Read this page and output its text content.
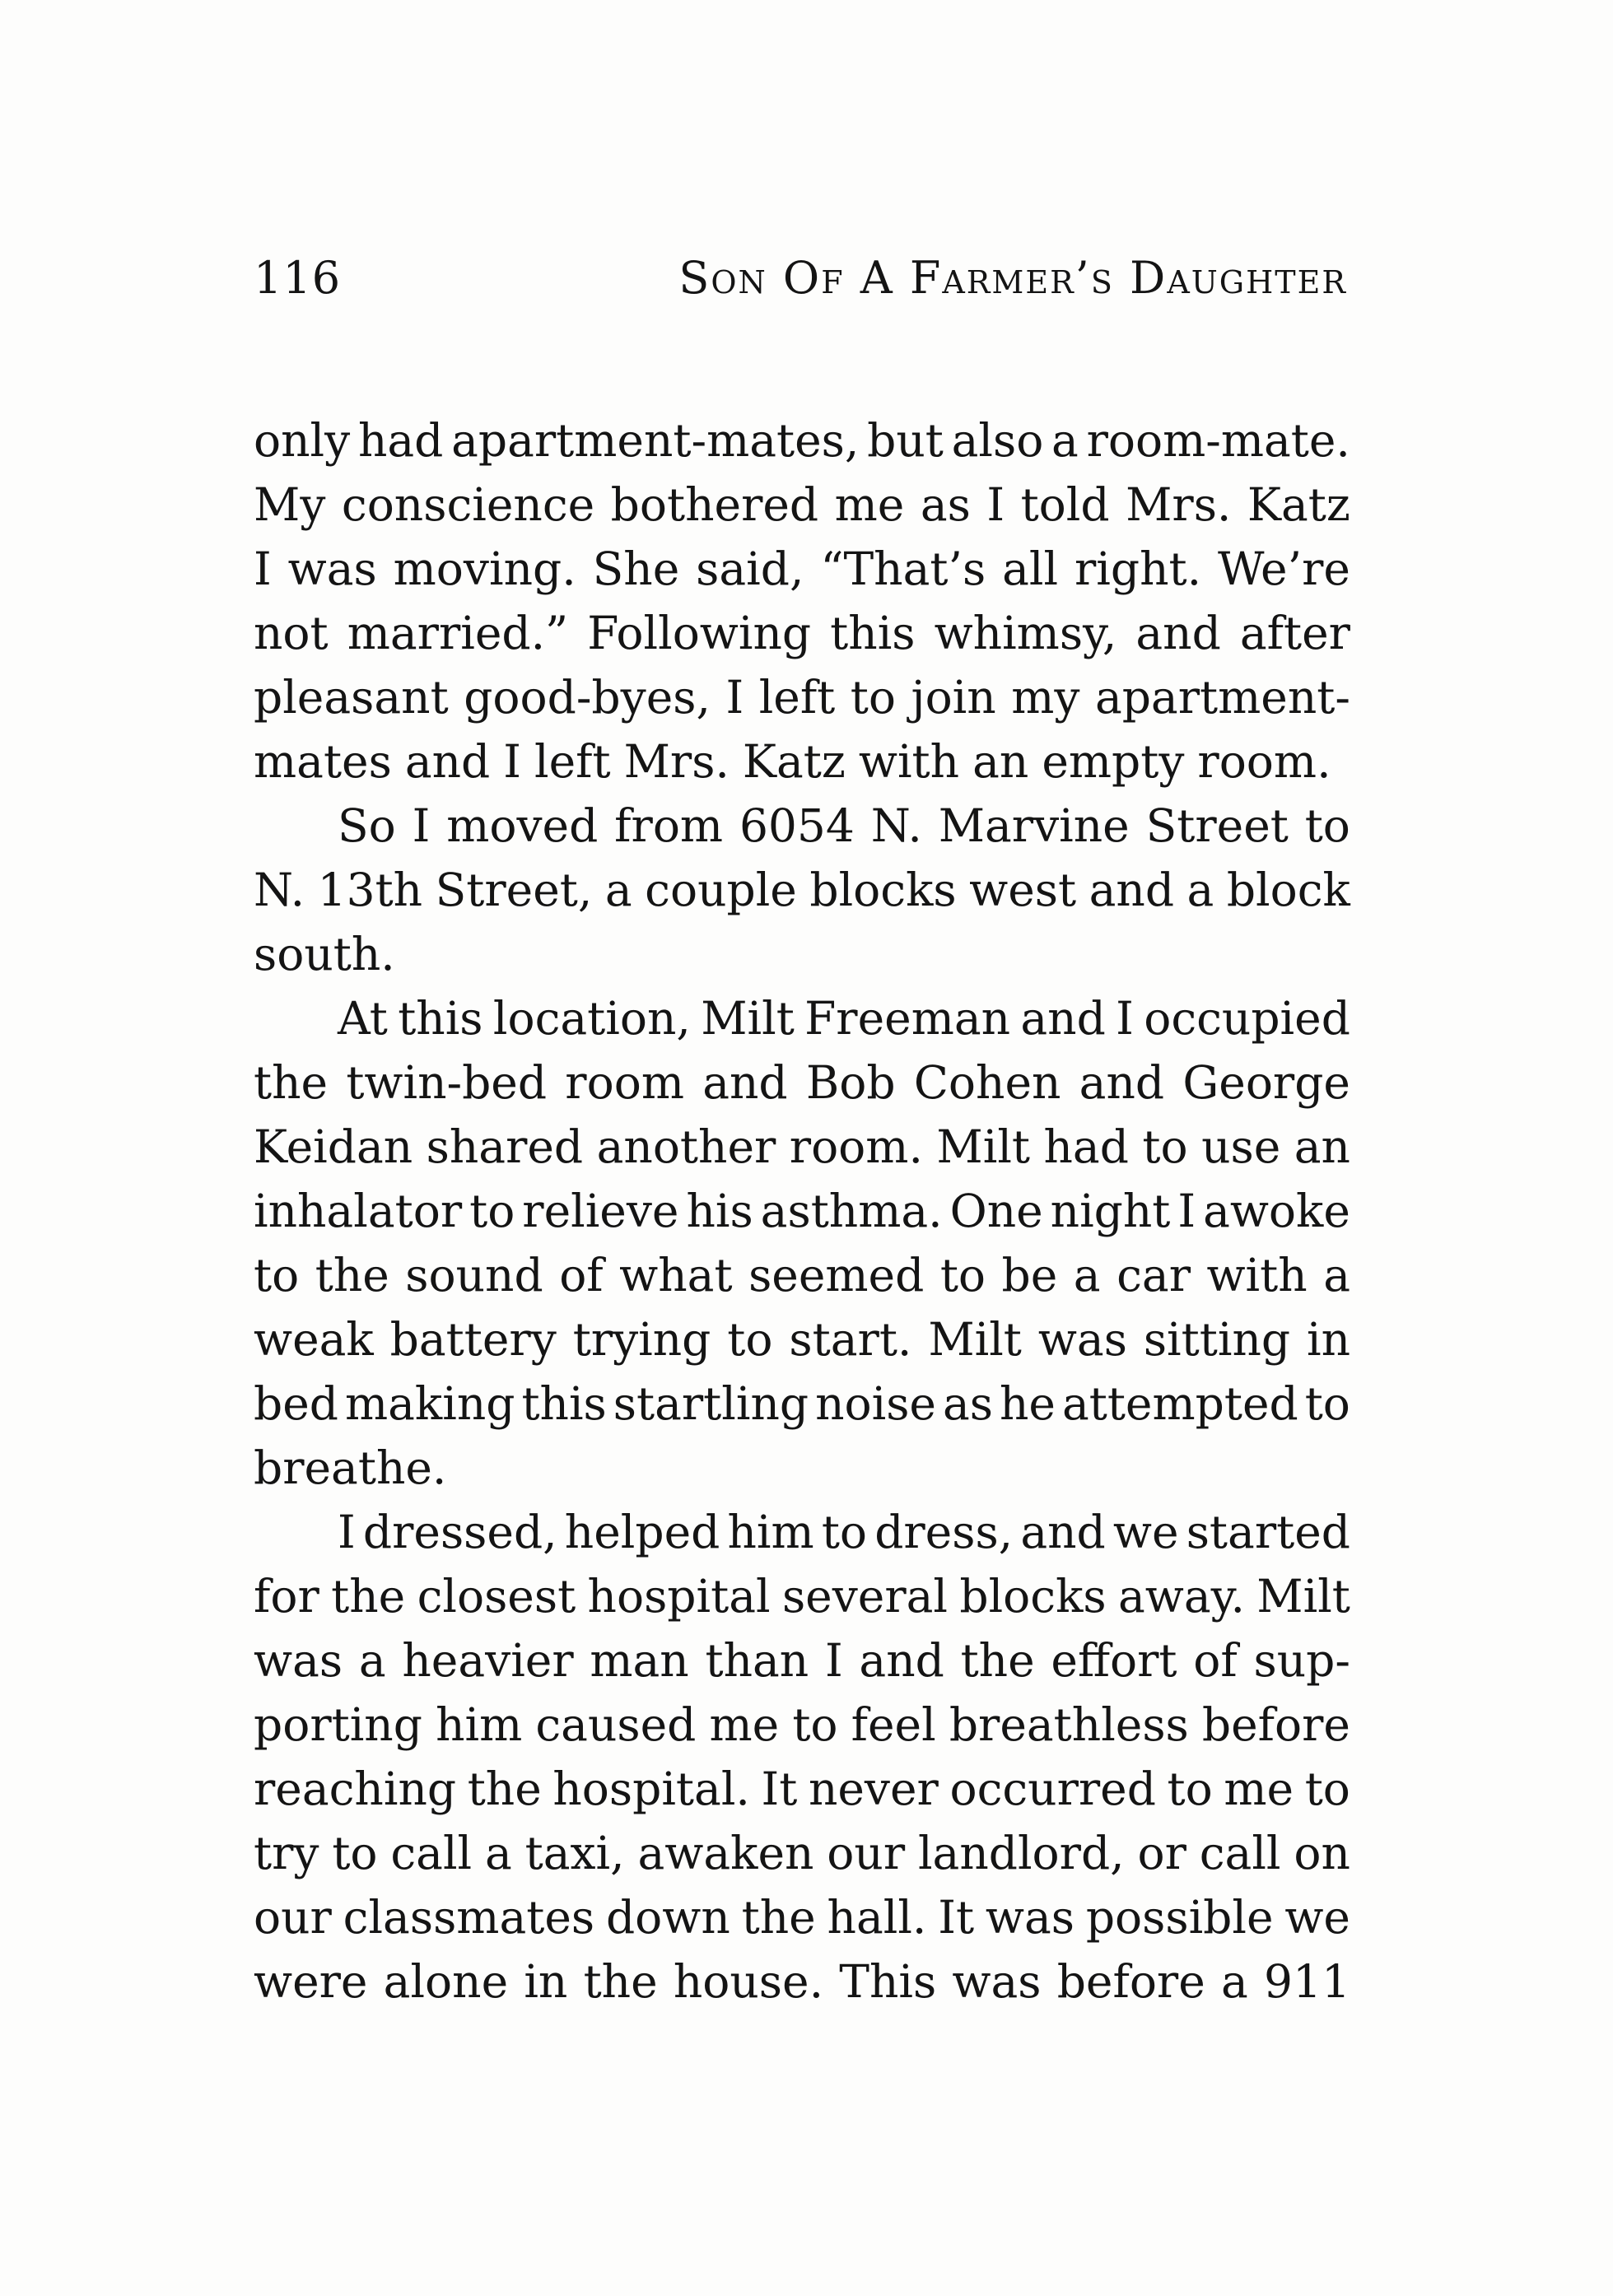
116	Son Of A Farmer’s Daughter
only had apartment-mates, but also a room-mate.
My conscience bothered me as I told Mrs. Katz
I was moving. She said, “That’s all right. We’re
not married.” Following this whimsy, and after
pleasant good-byes, I left to join my apartment-
mates and I left Mrs. Katz with an empty room.
So I moved from 6054 N. Marvine Street to
N. 13th Street, a couple blocks west and a block
south.
At this location, Milt Freeman and I occupied
the twin-bed room and Bob Cohen and George
Keidan shared another room. Milt had to use an
inhalator to relieve his asthma. One night I awoke
to the sound of what seemed to be a car with a
weak battery trying to start. Milt was sitting in
bed making this startling noise as he attempted to
breathe.
I dressed, helped him to dress, and we started
for the closest hospital several blocks away. Milt
was a heavier man than I and the effort of sup-
porting him caused me to feel breathless before
reaching the hospital. It never occurred to me to
try to call a taxi, awaken our landlord, or call on
our classmates down the hall. It was possible we
were alone in the house. This was before a 911
